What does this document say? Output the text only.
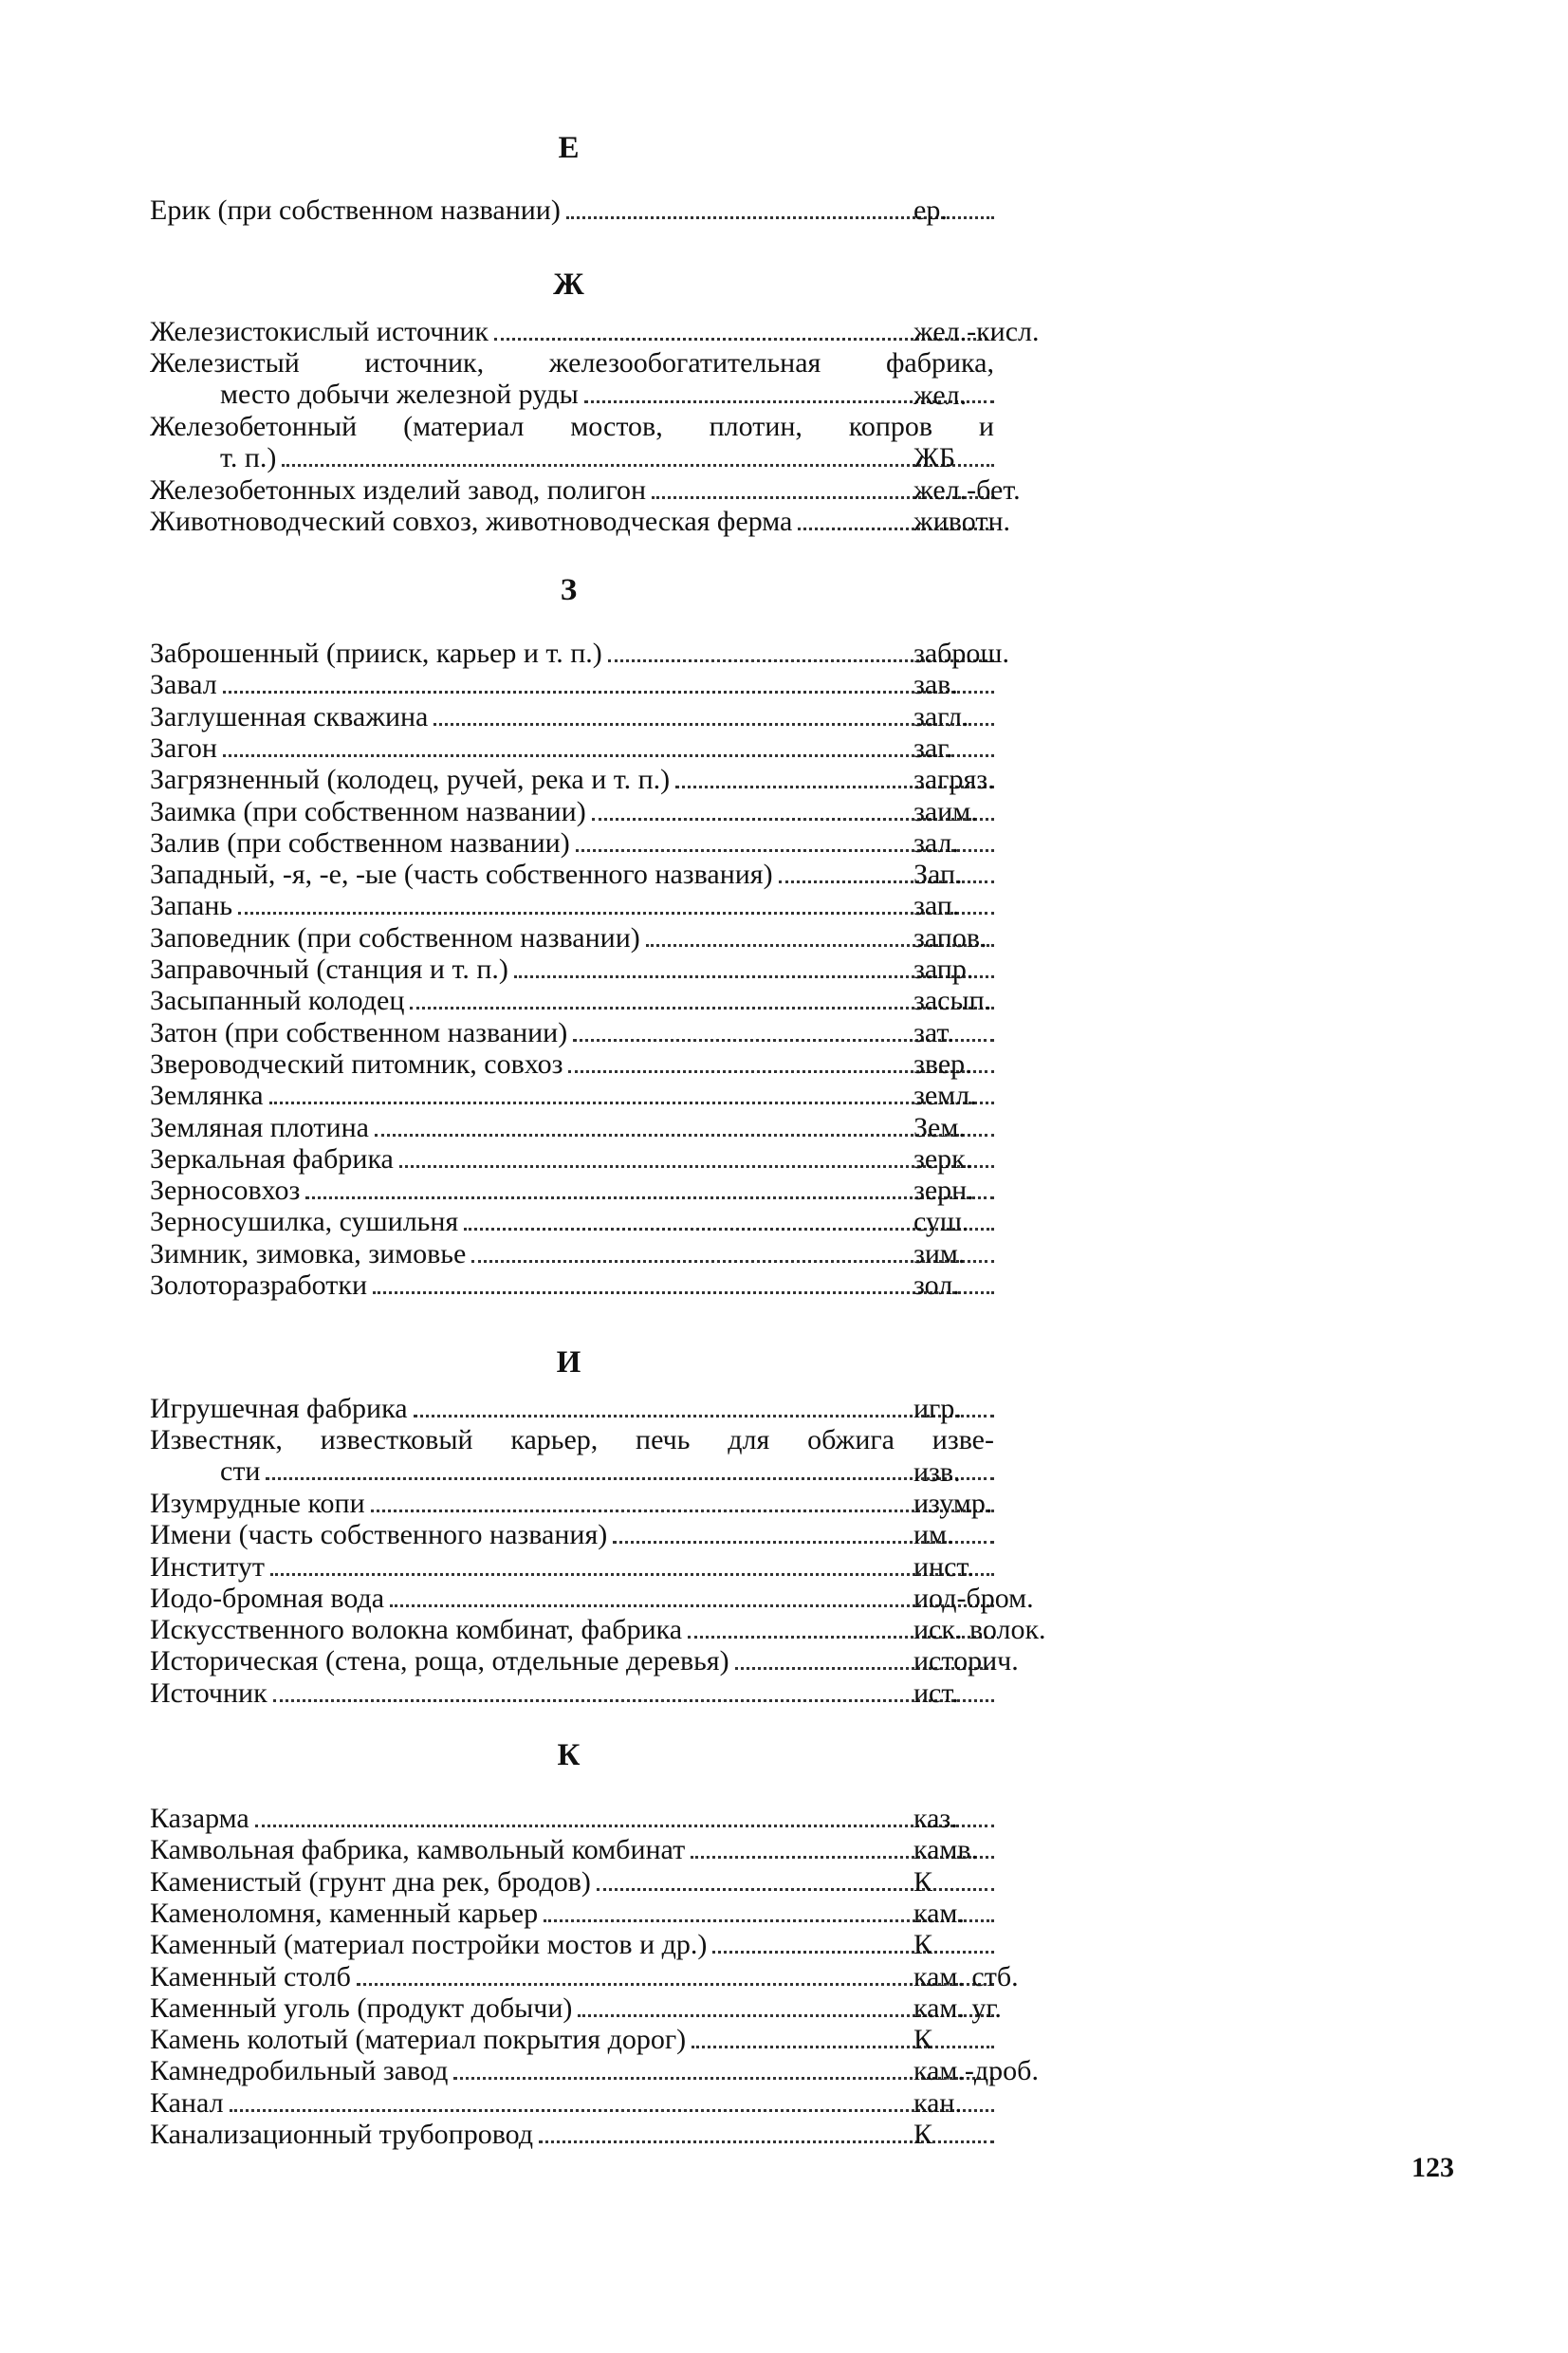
Е
Ерик (при собственном названии)	ер.
Ж
Железистокислый источник	жел.-кисл.
Железистый источник, железообогатительная фабрика,
место добычи железной руды	жел.
Железобетонный (материал мостов, плотин, копров и
т. п.)	ЖБ
Железобетонных изделий завод, полигон	жел.-бет.
Животноводческий совхоз, животноводческая ферма	животн.
З
Заброшенный (прииск, карьер и т. п.)	заброш.
Завал	зав.
Заглушенная скважина	загл.
Загон	заг.
Загрязненный (колодец, ручей, река и т. п.)	загряз.
Заимка (при собственном названии)	заим.
Залив (при собственном названии)	зал.
Западный, -я, -е, -ые (часть собственного названия)	Зап.
Запань	зап.
Заповедник (при собственном названии)	запов.
Заправочный (станция и т. п.)	запр.
Засыпанный колодец	засып.
Затон (при собственном названии)	зат.
Звероводческий питомник, совхоз	звер.
Землянка	земл.
Земляная плотина	Зем.
Зеркальная фабрика	зерк.
Зерносовхоз	зерн.
Зерносушилка, сушильня	суш.
Зимник, зимовка, зимовье	зим.
Золоторазработки	зол.
И
Игрушечная фабрика	игр.
Известняк, известковый карьер, печь для обжига изве-
сти	изв.
Изумрудные копи	изумр.
Имени (часть собственного названия)	им.
Институт	инст.
Иодо-бромная вода	иод-бром.
Искусственного волокна комбинат, фабрика	иск. волок.
Историческая (стена, роща, отдельные деревья)	историч.
Источник	ист.
К
Казарма	каз.
Камвольная фабрика, камвольный комбинат	камв.
Каменистый (грунт дна рек, бродов)	К
Каменоломня, каменный карьер	кам.
Каменный (материал постройки мостов и др.)	К
Каменный столб	кам. стб.
Каменный уголь (продукт добычи)	кам. уг.
Камень колотый (материал покрытия дорог)	К
Камнедробильный завод	кам.-дроб.
Канал	кан.
Канализационный трубопровод	К
123
